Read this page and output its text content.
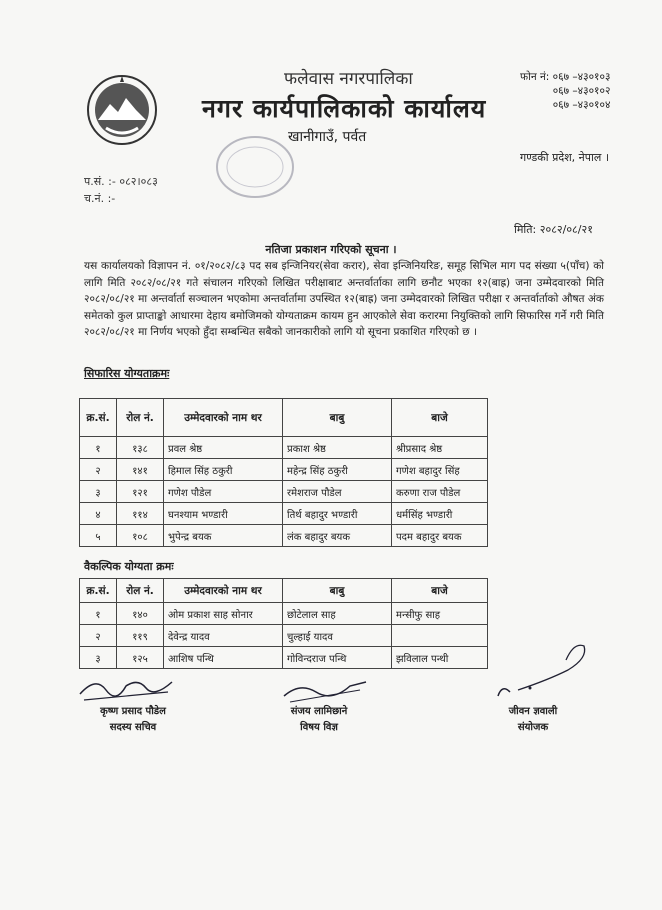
फलेवास नगरपालिका
नगर कार्यपालिकाको कार्यालय
खानीगाउँ, पर्वत
फोन नं: ०६७ –४३०१०३
०६७ –४३०१०२
०६७ –४३०१०४
गण्डकी प्रदेश, नेपाल ।
प.सं. :- ०८२।०८३
च.नं. :-
मिति: २०८२/०८/२१
नतिजा प्रकाशन गरिएको सूचना ।
यस कार्यालयको विज्ञापन नं. ०१/२०८२/८३ पद सब इन्जिनियर(सेवा करार), सेवा इन्जिनियरिङ, समूह सिभिल माग पद संख्या ५(पाँच) को लागि मिति २०८२/०८/२१ गते संचालन गरिएको लिखित परीक्षाबाट अन्तर्वार्ताका लागि छनौट भएका १२(बाह्र) जना उम्मेदवारको मिति २०८२/०८/२१ मा अन्तर्वार्ता सञ्चालन भएकोमा अन्तर्वार्तामा उपस्थित १२(बाह्र) जना उम्मेदवारको लिखित परीक्षा र अन्तर्वार्ताको औषत अंक समेतको कुल प्राप्ताङ्को आधारमा देहाय बमोजिमको योग्यताक्रम कायम हुन आएकोले सेवा करारमा नियुक्तिको लागि सिफारिस गर्ने गरी मिति २०८२/०८/२१ मा निर्णय भएको हुँदा सम्बन्धित सबैको जानकारीको लागि यो सूचना प्रकाशित गरिएको छ ।
सिफारिस योग्यताक्रमः
क्र.सं.	रोल नं.	उम्मेदवारको नाम थर	बाबु	बाजे
१	१३८	प्रवल श्रेष्ठ	प्रकाश श्रेष्ठ	श्रीप्रसाद श्रेष्ठ
२	१४१	हिमाल सिंह ठकुरी	महेन्द्र सिंह ठकुरी	गणेश बहादुर सिंह
३	१२१	गणेश पौडेल	रमेशराज पौडेल	करुणा राज पौडेल
४	११४	घनश्याम भण्डारी	तिर्थ बहादुर भण्डारी	धर्मसिंह भण्डारी
५	१०८	भुपेन्द्र बयक	लंक बहादुर बयक	पदम बहादुर बयक
वैकल्पिक योग्यता क्रमः
क्र.सं.	रोल नं.	उम्मेदवारको नाम थर	बाबु	बाजे
१	१४०	ओम प्रकाश साह सोनार	छोटेलाल साह	मन्सीफु साह
२	११९	देवेन्द्र यादव	चुल्हाई यादव	
३	१२५	आशिष पन्थि	गोविन्दराज पन्थि	झविलाल पन्थी
कृष्ण प्रसाद पौडेल
सदस्य सचिव
संजय लामिछाने
विषय विज्ञ
जीवन ज्ञवाली
संयोजक
